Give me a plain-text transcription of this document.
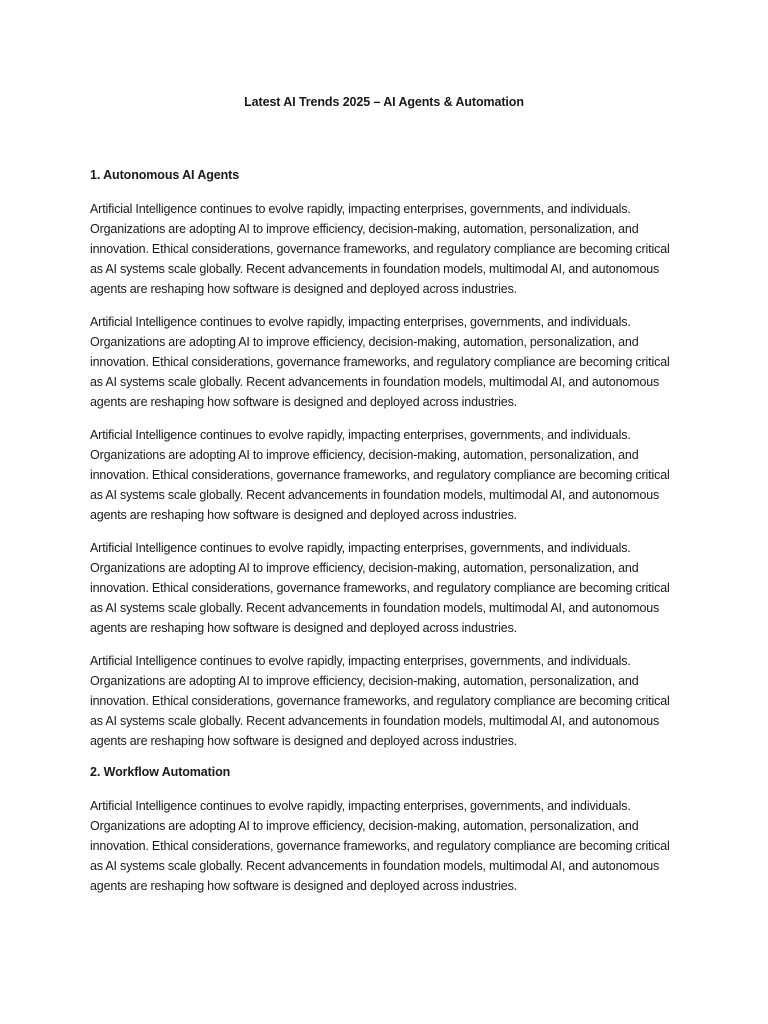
Latest AI Trends 2025 – AI Agents & Automation
1. Autonomous AI Agents

Artificial Intelligence continues to evolve rapidly, impacting enterprises, governments, and individuals. Organizations are adopting AI to improve efficiency, decision-making, automation, personalization, and innovation. Ethical considerations, governance frameworks, and regulatory compliance are becoming critical as AI systems scale globally. Recent advancements in foundation models, multimodal AI, and autonomous agents are reshaping how software is designed and deployed across industries.

Artificial Intelligence continues to evolve rapidly, impacting enterprises, governments, and individuals. Organizations are adopting AI to improve efficiency, decision-making, automation, personalization, and innovation. Ethical considerations, governance frameworks, and regulatory compliance are becoming critical as AI systems scale globally. Recent advancements in foundation models, multimodal AI, and autonomous agents are reshaping how software is designed and deployed across industries.

Artificial Intelligence continues to evolve rapidly, impacting enterprises, governments, and individuals. Organizations are adopting AI to improve efficiency, decision-making, automation, personalization, and innovation. Ethical considerations, governance frameworks, and regulatory compliance are becoming critical as AI systems scale globally. Recent advancements in foundation models, multimodal AI, and autonomous agents are reshaping how software is designed and deployed across industries.

Artificial Intelligence continues to evolve rapidly, impacting enterprises, governments, and individuals. Organizations are adopting AI to improve efficiency, decision-making, automation, personalization, and innovation. Ethical considerations, governance frameworks, and regulatory compliance are becoming critical as AI systems scale globally. Recent advancements in foundation models, multimodal AI, and autonomous agents are reshaping how software is designed and deployed across industries.

Artificial Intelligence continues to evolve rapidly, impacting enterprises, governments, and individuals. Organizations are adopting AI to improve efficiency, decision-making, automation, personalization, and innovation. Ethical considerations, governance frameworks, and regulatory compliance are becoming critical as AI systems scale globally. Recent advancements in foundation models, multimodal AI, and autonomous agents are reshaping how software is designed and deployed across industries.

2. Workflow Automation

Artificial Intelligence continues to evolve rapidly, impacting enterprises, governments, and individuals. Organizations are adopting AI to improve efficiency, decision-making, automation, personalization, and innovation. Ethical considerations, governance frameworks, and regulatory compliance are becoming critical as AI systems scale globally. Recent advancements in foundation models, multimodal AI, and autonomous agents are reshaping how software is designed and deployed across industries.
